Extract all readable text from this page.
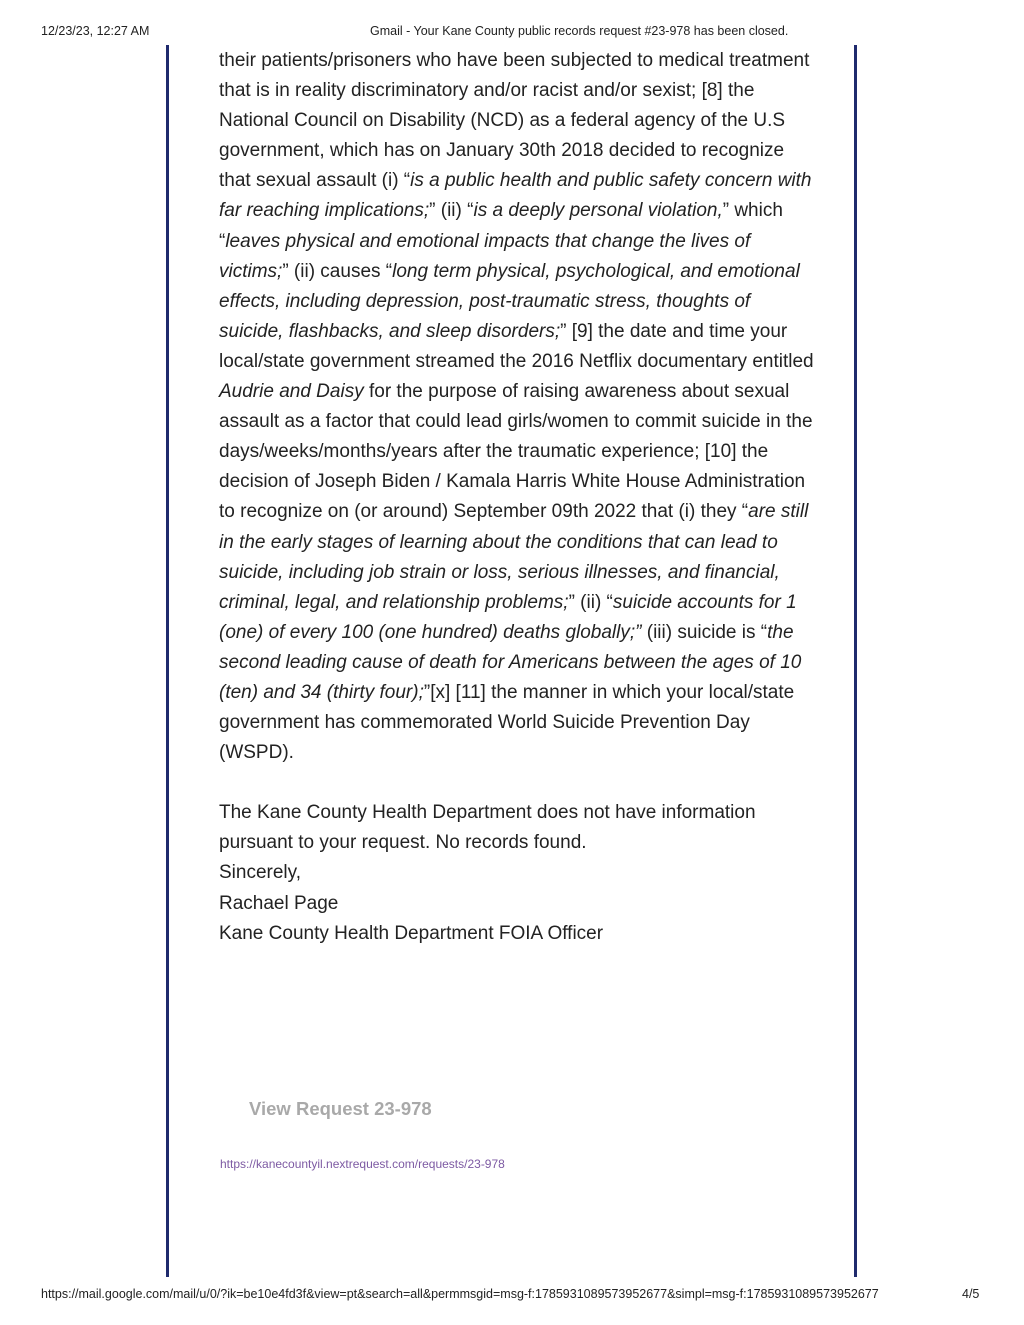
12/23/23, 12:27 AM	Gmail - Your Kane County public records request #23-978 has been closed.

their patients/prisoners who have been subjected to medical treatment that is in reality discriminatory and/or racist and/or sexist; [8] the National Council on Disability (NCD) as a federal agency of the U.S government, which has on January 30th 2018 decided to recognize that sexual assault (i) “is a public health and public safety concern with far reaching implications;” (ii) “is a deeply personal violation,” which “leaves physical and emotional impacts that change the lives of victims;” (ii) causes “long term physical, psychological, and emotional effects, including depression, post-traumatic stress, thoughts of suicide, flashbacks, and sleep disorders;” [9] the date and time your local/state government streamed the 2016 Netflix documentary entitled Audrie and Daisy for the purpose of raising awareness about sexual assault as a factor that could lead girls/women to commit suicide in the days/weeks/months/years after the traumatic experience; [10] the decision of Joseph Biden / Kamala Harris White House Administration to recognize on (or around) September 09th 2022 that (i) they “are still in the early stages of learning about the conditions that can lead to suicide, including job strain or loss, serious illnesses, and financial, criminal, legal, and relationship problems;” (ii) “suicide accounts for 1 (one) of every 100 (one hundred) deaths globally;” (iii) suicide is “the second leading cause of death for Americans between the ages of 10 (ten) and 34 (thirty four);”[x] [11] the manner in which your local/state government has commemorated World Suicide Prevention Day (WSPD).

The Kane County Health Department does not have information pursuant to your request. No records found.

Sincerely,

Rachael Page

Kane County Health Department FOIA Officer

View Request 23-978
https://kanecountyil.nextrequest.com/requests/23-978
https://mail.google.com/mail/u/0/?ik=be10e4fd3f&view=pt&search=all&permmsgid=msg-f:1785931089573952677&simpl=msg-f:1785931089573952677	4/5
